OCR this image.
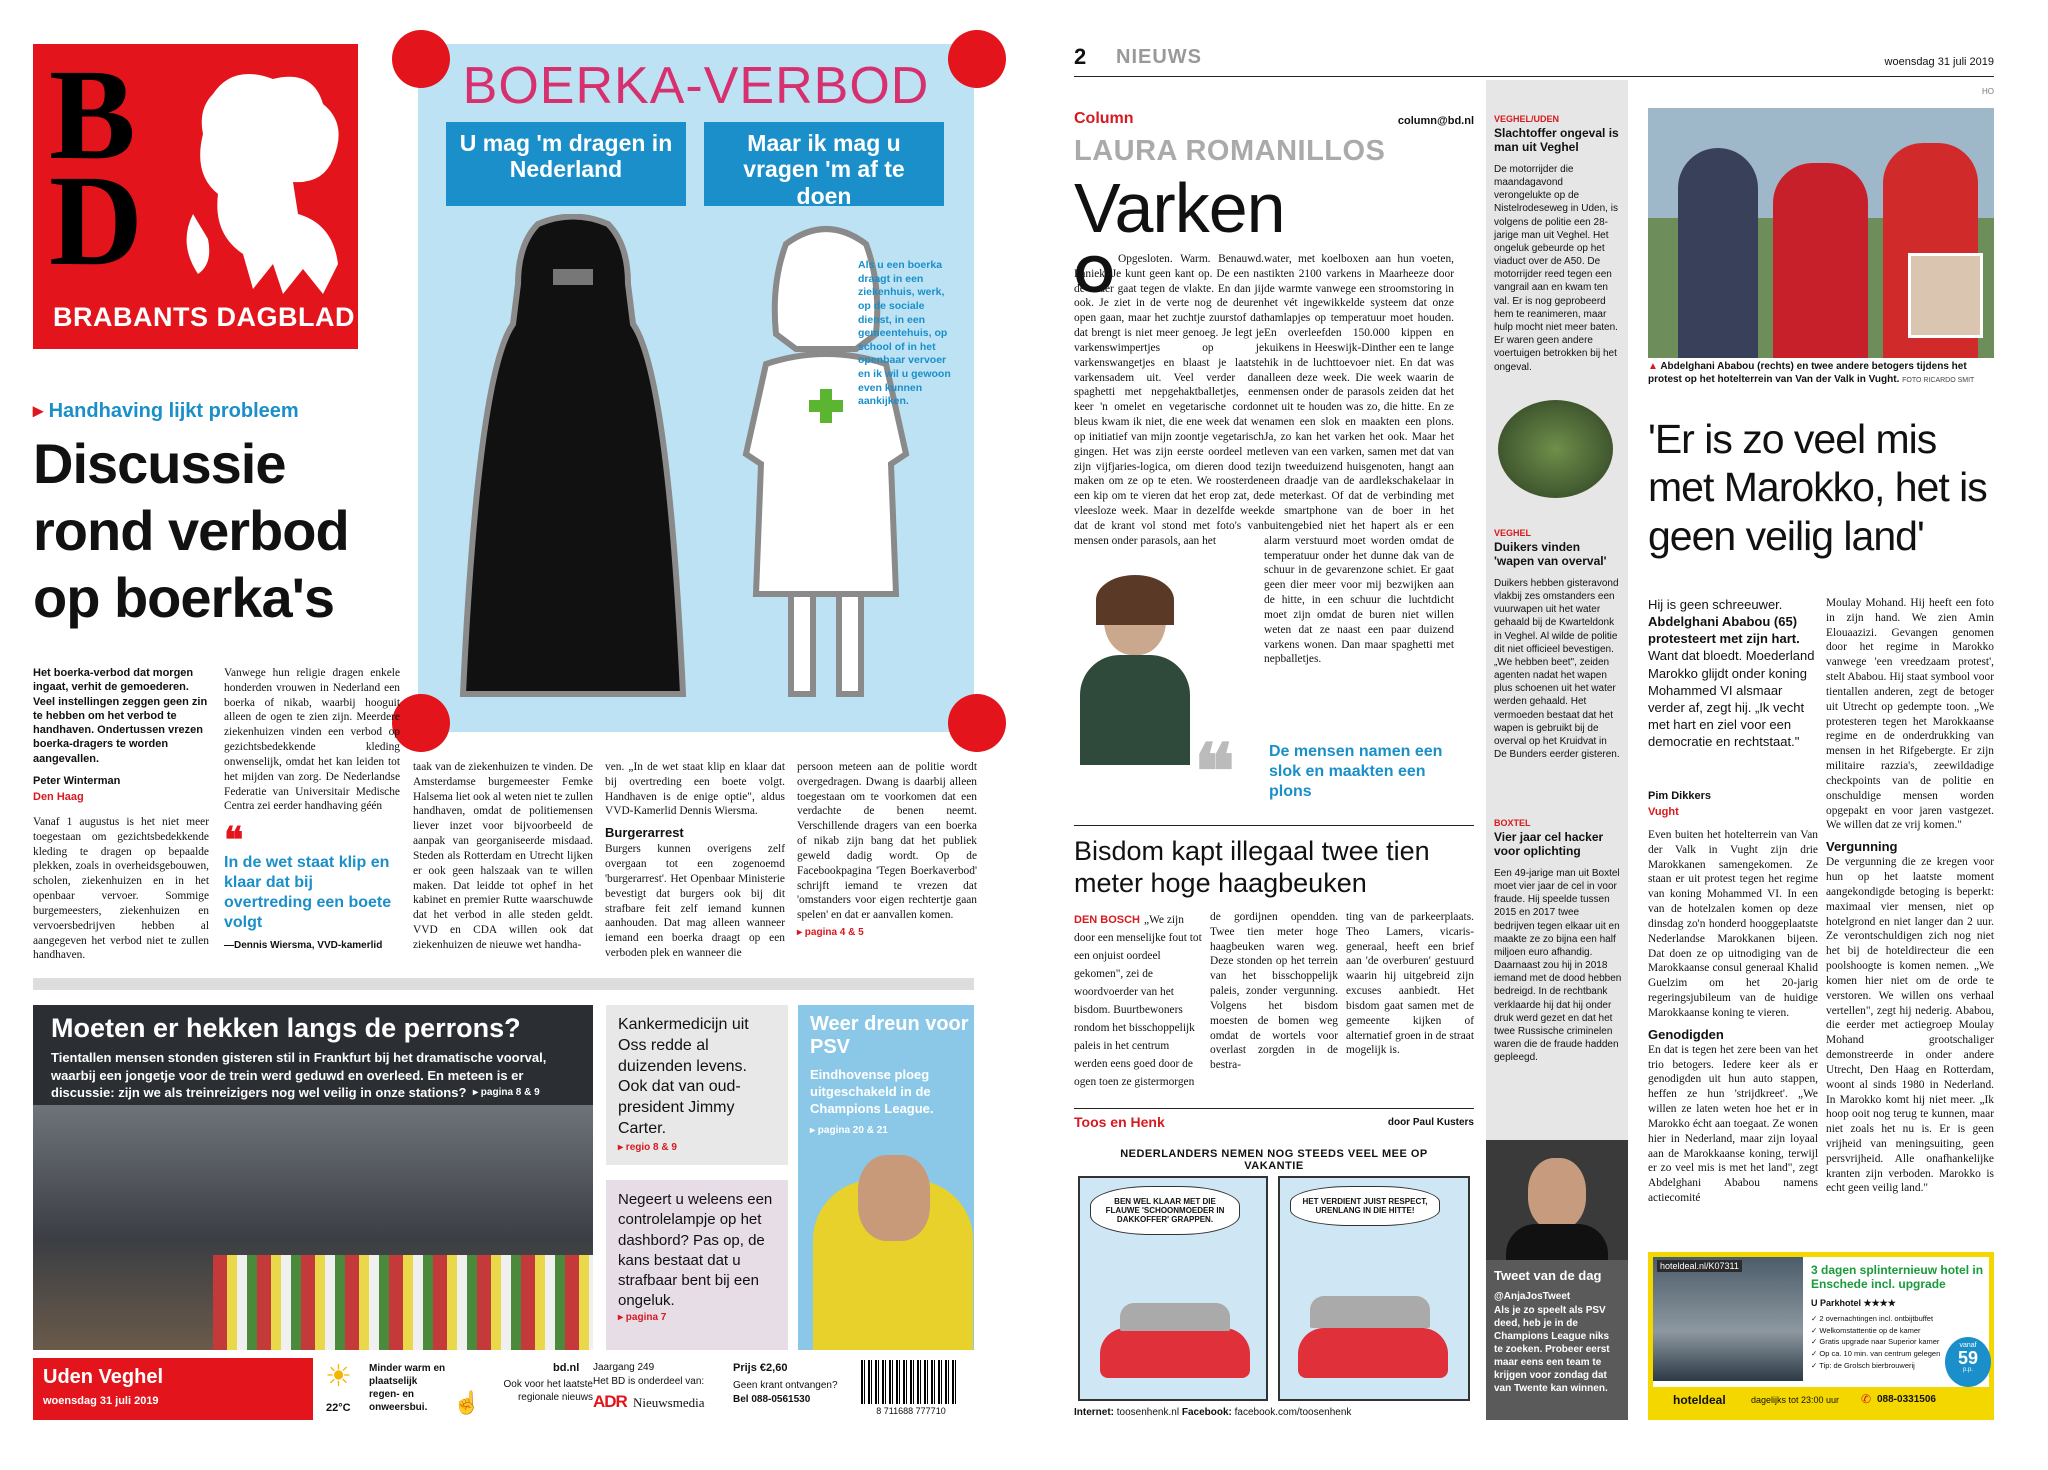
B
D
BRABANTS DAGBLAD
BOERKA-VERBOD
U mag 'm dragen in Nederland
Maar ik mag u vragen 'm af te doen
Als u een boerka draagt in een ziekenhuis, werk, op de sociale dienst, in een gemeentehuis, op school of in het openbaar vervoer en ik wil u gewoon even kunnen aankijken.
▸ Handhaving lijkt probleem
Discussie rond verbod op boerka's
Het boerka-verbod dat morgen ingaat, verhit de gemoederen. Veel instellingen zeggen geen zin te hebben om het verbod te handhaven. Ondertussen vrezen boerka-dragers te worden aangevallen.
Peter Winterman
Den Haag
Vanaf 1 augustus is het niet meer toegestaan om gezichtsbedekkende kleding te dragen op bepaalde plekken, zoals in overheidsgebouwen, scholen, ziekenhuizen en in het openbaar vervoer. Sommige burgemeesters, ziekenhuizen en vervoersbedrijven hebben al aangegeven het verbod niet te zullen handhaven.
Vanwege hun religie dragen enkele honderden vrouwen in Nederland een boerka of nikab, waarbij hooguit alleen de ogen te zien zijn. Meerdere ziekenhuizen vinden een verbod op gezichtsbedekkende kleding onwenselijk, omdat het kan leiden tot het mijden van zorg. De Nederlandse Federatie van Universitair Medische Centra zei eerder handhaving géén
❝
In de wet staat klip en klaar dat bij overtreding een boete volgt
—Dennis Wiersma, VVD-kamerlid
taak van de ziekenhuizen te vinden. De Amsterdamse burgemeester Femke Halsema liet ook al weten niet te zullen handhaven, omdat de politiemensen liever inzet voor bijvoorbeeld de aanpak van georganiseerde misdaad. Steden als Rotterdam en Utrecht lijken er ook geen halszaak van te willen maken. Dat leidde tot ophef in het kabinet en premier Rutte waarschuwde dat het verbod in alle steden geldt. VVD en CDA willen ook dat ziekenhuizen de nieuwe wet handha-
ven. „In de wet staat klip en klaar dat bij overtreding een boete volgt. Handhaven is de enige optie", aldus VVD-Kamerlid Dennis Wiersma.
Burgerarrest
Burgers kunnen overigens zelf overgaan tot een zogenoemd 'burgerarrest'. Het Openbaar Ministerie bevestigt dat burgers ook bij dit strafbare feit zelf iemand kunnen aanhouden. Dat mag alleen wanneer iemand een boerka draagt op een verboden plek en wanneer die
persoon meteen aan de politie wordt overgedragen. Dwang is daarbij alleen toegestaan om te voorkomen dat een verdachte de benen neemt. Verschillende dragers van een boerka of nikab zijn bang dat het publiek geweld dadig wordt. Op de Facebookpagina 'Tegen Boerkaverbod' schrijft iemand te vrezen dat 'omstanders voor eigen rechtertje gaan spelen' en dat er aanvallen komen.
▸ pagina 4 & 5
Moeten er hekken langs de perrons?
Tientallen mensen stonden gisteren stil in Frankfurt bij het dramatische voorval, waarbij een jongetje voor de trein werd geduwd en overleed. En meteen is er discussie: zijn we als treinreizigers nog wel veilig in onze stations? ▸ pagina 8 & 9
Kankermedicijn uit Oss redde al duizenden levens. Ook dat van oud-president Jimmy Carter.
▸ regio 8 & 9
Negeert u weleens een controlelampje op het dashbord? Pas op, de kans bestaat dat u strafbaar bent bij een ongeluk.
▸ pagina 7
Weer dreun voor PSV
Eindhovense ploeg uitgeschakeld in de Champions League.
▸ pagina 20 & 21
Uden Veghel
woensdag 31 juli 2019
☀
22°C
Minder warm en plaatselijk regen- en onweersbui.	☝
bd.nl
Ook voor het laatste regionale nieuws
Jaargang 249
Het BD is onderdeel van:
ADR Nieuwsmedia
Prijs €2,60
Geen krant ontvangen?
Bel 088-0561530
8 711688 777710
2 NIEUWS	woensdag 31 juli 2019
HO
Column	column@bd.nl
LAURA ROMANILLOS
Varken
O Opgesloten. Warm. Benauwd. Paniek. Je kunt geen kant op. De een na de ander gaat tegen de vlakte. En dan jij ook. Je ziet in de verte nog de deuren open gaan, maar het zuchtje zuurstof dat dat brengt is niet meer genoeg. Je legt je varkenswimpertjes op je varkenswangetjes en blaast je laatste varkensadem uit. Veel verder dan spaghetti met nepgehaktballetjes, een keer 'n omelet en vegetarische cordon bleus kwam ik niet, die ene week dat we op initiatief van mijn zoontje vegetarisch gingen. Het was zijn eerste oordeel met zijn vijfjaries-logica, om dieren dood te maken om ze op te eten. We roosterden een kip om te vieren dat het erop zat, de vleesloze week. Maar in dezelfde week dat de krant vol stond met foto's van mensen onder parasols, aan het
water, met koelboxen aan hun voeten, stikten 2100 varkens in Maarheeze door de warmte vanwege een stroomstoring in het vét ingewikkelde systeem dat onze hamlapjes op temperatuur moet houden. En overleefden 150.000 kippen en kuikens in Heeswijk-Dinther een te lange hik in de luchttoevoer niet. En dat was alleen deze week. Die week waarin de mensen onder de parasols zeiden dat het net uit te houden was zo, die hitte. En ze namen een slok en maakten een plons. Ja, zo kan het varken het ook. Maar het leven van een varken, samen met dat van zijn tweeduizend huisgenoten, hangt aan een draadje van de aardlekschakelaar in de meterkast. Of dat de verbinding met de smartphone van de boer in het buitengebied niet het hapert als er een alarm verstuurd moet worden omdat de temperatuur onder het dunne dak van de schuur in de gevarenzone schiet. Er gaat geen dier meer voor mij bezwijken aan de hitte, in een schuur die luchtdicht moet zijn omdat de buren niet willen weten dat ze naast een paar duizend varkens wonen. Dan maar spaghetti met nepballetjes.
❝ De mensen namen een slok en maakten een plons
Bisdom kapt illegaal twee tien meter hoge haagbeuken
DEN BOSCH „We zijn door een menselijke fout tot een onjuist oordeel gekomen", zei de woordvoerder van het bisdom. Buurtbewoners rondom het bisschoppelijk paleis in het centrum werden eens goed door de ogen toen ze gistermorgen
de gordijnen opendden. Twee tien meter hoge haagbeuken waren weg. Deze stonden op het terrein van het bisschoppelijk paleis, zonder vergunning. Volgens het bisdom moesten de bomen weg omdat de wortels voor overlast zorgden in de bestra-
ting van de parkeerplaats. Theo Lamers, vicaris-generaal, heeft een brief aan 'de overburen' gestuurd waarin hij uitgebreid zijn excuses aanbiedt. Het bisdom gaat samen met de gemeente kijken of alternatief groen in de straat mogelijk is.
Toos en Henk	door Paul Kusters
NEDERLANDERS NEMEN NOG STEEDS VEEL MEE OP VAKANTIE
BEN WEL KLAAR MET DIE FLAUWE 'SCHOONMOEDER IN DAKKOFFER' GRAPPEN.
HET VERDIENT JUIST RESPECT, URENLANG IN DIE HITTE!
Internet: toosenhenk.nl Facebook: facebook.com/toosenhenk
VEGHEL/UDEN
Slachtoffer ongeval is man uit Veghel
De motorrijder die maandagavond verongelukte op de Nistelrodeseweg in Uden, is volgens de politie een 28-jarige man uit Veghel. Het ongeluk gebeurde op het viaduct over de A50. De motorrijder reed tegen een vangrail aan en kwam ten val. Er is nog geprobeerd hem te reanimeren, maar hulp mocht niet meer baten. Er waren geen andere voertuigen betrokken bij het ongeval.
VEGHEL
Duikers vinden 'wapen van overval'
Duikers hebben gisteravond vlakbij zes omstanders een vuurwapen uit het water gehaald bij de Kwarteldonk in Veghel. Al wilde de politie dit niet officieel bevestigen. „We hebben beet", zeiden agenten nadat het wapen plus schoenen uit het water werden gehaald. Het vermoeden bestaat dat het wapen is gebruikt bij de overval op het Kruidvat in De Bunders eerder gisteren.
BOXTEL
Vier jaar cel hacker voor oplichting
Een 49-jarige man uit Boxtel moet vier jaar de cel in voor fraude. Hij speelde tussen 2015 en 2017 twee bedrijven tegen elkaar uit en maakte ze zo bijna een half miljoen euro afhandig. Daarnaast zou hij in 2018 iemand met de dood hebben bedreigd. In de rechtbank verklaarde hij dat hij onder druk werd gezet en dat het twee Russische criminelen waren die de fraude hadden gepleegd.
Tweet van de dag
@AnjaJosTweet
Als je zo speelt als PSV deed, heb je in de Champions League niks te zoeken. Probeer eerst maar eens een team te krijgen voor zondag dat van Twente kan winnen.
▲ Abdelghani Ababou (rechts) en twee andere betogers tijdens het protest op het hotelterrein van Van der Valk in Vught. FOTO RICARDO SMIT
'Er is zo veel mis met Marokko, het is geen veilig land'
Hij is geen schreeuwer. Abdelghani Ababou (65) protesteert met zijn hart. Want dat bloedt. Moederland Marokko glijdt onder koning Mohammed VI alsmaar verder af, zegt hij. „Ik vecht met hart en ziel voor een democratie en rechtstaat."
Pim Dikkers
Vught
Even buiten het hotelterrein van Van der Valk in Vught zijn drie Marokkanen samengekomen. Ze staan er uit protest tegen het regime van koning Mohammed VI. In een van de hotelzalen komen op deze dinsdag zo'n honderd hooggeplaatste Nederlandse Marokkanen bijeen. Dat doen ze op uitnodiging van de Marokkaanse consul generaal Khalid Guelzim om het 20-jarig regeringsjubileum van de huidige Marokkaanse koning te vieren.
Genodigden
En dat is tegen het zere been van het trio betogers. Iedere keer als er genodigden uit hun auto stappen, heffen ze hun 'strijdkreet'. „We willen ze laten weten hoe het er in Marokko écht aan toegaat. Ze wonen hier in Nederland, maar zijn loyaal aan de Marokkaanse koning, terwijl er zo veel mis is met het land", zegt Abdelghani Ababou namens actiecomité
Moulay Mohand. Hij heeft een foto in zijn hand. We zien Amin Elouaazizi. Gevangen genomen door het regime in Marokko vanwege 'een vreedzaam protest', stelt Ababou. Hij staat symbool voor tientallen anderen, zegt de betoger uit Utrecht op gedempte toon. „We protesteren tegen het Marokkaanse regime en de onderdrukking van mensen in het Rifgebergte. Er zijn militaire razzia's, zeewildadige checkpoints van de politie en onschuldige mensen worden opgepakt en voor jaren vastgezet. We willen dat ze vrij komen."
Vergunning
De vergunning die ze kregen voor hun op het laatste moment aangekondigde betoging is beperkt: maximaal vier mensen, niet op hotelgrond en niet langer dan 2 uur. Ze verontschuldigen zich nog niet het bij de hoteldirecteur die een poolshoogte is komen nemen. „We komen hier niet om de orde te verstoren. We willen ons verhaal vertellen", zegt hij nederig. Ababou, die eerder met actiegroep Moulay Mohand grootschaliger demonstreerde in onder andere Utrecht, Den Haag en Rotterdam, woont al sinds 1980 in Nederland. In Marokko komt hij niet meer. „Ik hoop ooit nog terug te kunnen, maar niet zoals het nu is. Er is geen vrijheid van meningsuiting, geen persvrijheid. Alle onafhankelijke kranten zijn verboden. Marokko is echt geen veilig land."
hoteldeal.nl/K07311	3 dagen splinternieuw hotel in Enschede incl. upgrade
U Parkhotel ★★★★
✓ 2 overnachtingen incl. ontbijtbuffet
✓ Welkomstattentie op de kamer
✓ Gratis upgrade naar Superior kamer
✓ Op ca. 10 min. van centrum gelegen
✓ Tip: de Grolsch bierbrouwerij
vanaf
59
p.p.
hoteldeal	dagelijks tot 23:00 uur ✆ 088-0331506
